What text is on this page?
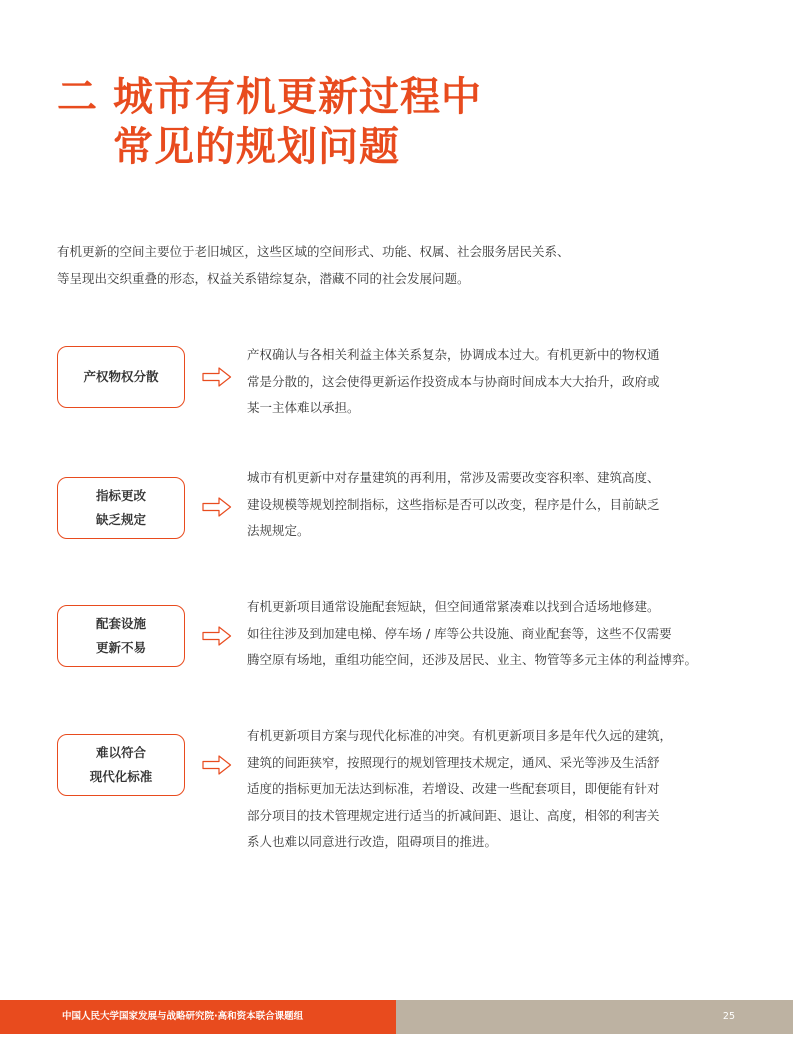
二 城市有机更新过程中
常见的规划问题

有机更新的空间主要位于老旧城区，这些区域的空间形式、功能、权属、社会服务居民关系、

等呈现出交织重叠的形态，权益关系错综复杂，潜藏不同的社会发展问题。

产权物权分散

产权确认与各相关利益主体关系复杂，协调成本过大。有机更新中的物权通

常是分散的，这会使得更新运作投资成本与协商时间成本大大抬升，政府或

某一主体难以承担。

指标更改
缺乏规定

城市有机更新中对存量建筑的再利用，常涉及需要改变容积率、建筑高度、

建设规模等规划控制指标，这些指标是否可以改变，程序是什么，目前缺乏

法规规定。

配套设施
更新不易

有机更新项目通常设施配套短缺，但空间通常紧凑难以找到合适场地修建。

如往往涉及到加建电梯、停车场 / 库等公共设施、商业配套等，这些不仅需要

腾空原有场地，重组功能空间，还涉及居民、业主、物管等多元主体的利益博弈。

难以符合
现代化标准

有机更新项目方案与现代化标准的冲突。有机更新项目多是年代久远的建筑，

建筑的间距狭窄，按照现行的规划管理技术规定，通风、采光等涉及生活舒

适度的指标更加无法达到标准，若增设、改建一些配套项目，即便能有针对

部分项目的技术管理规定进行适当的折减间距、退让、高度，相邻的利害关

系人也难以同意进行改造，阻碍项目的推进。

中国人民大学国家发展与战略研究院·高和资本联合课题组	25
